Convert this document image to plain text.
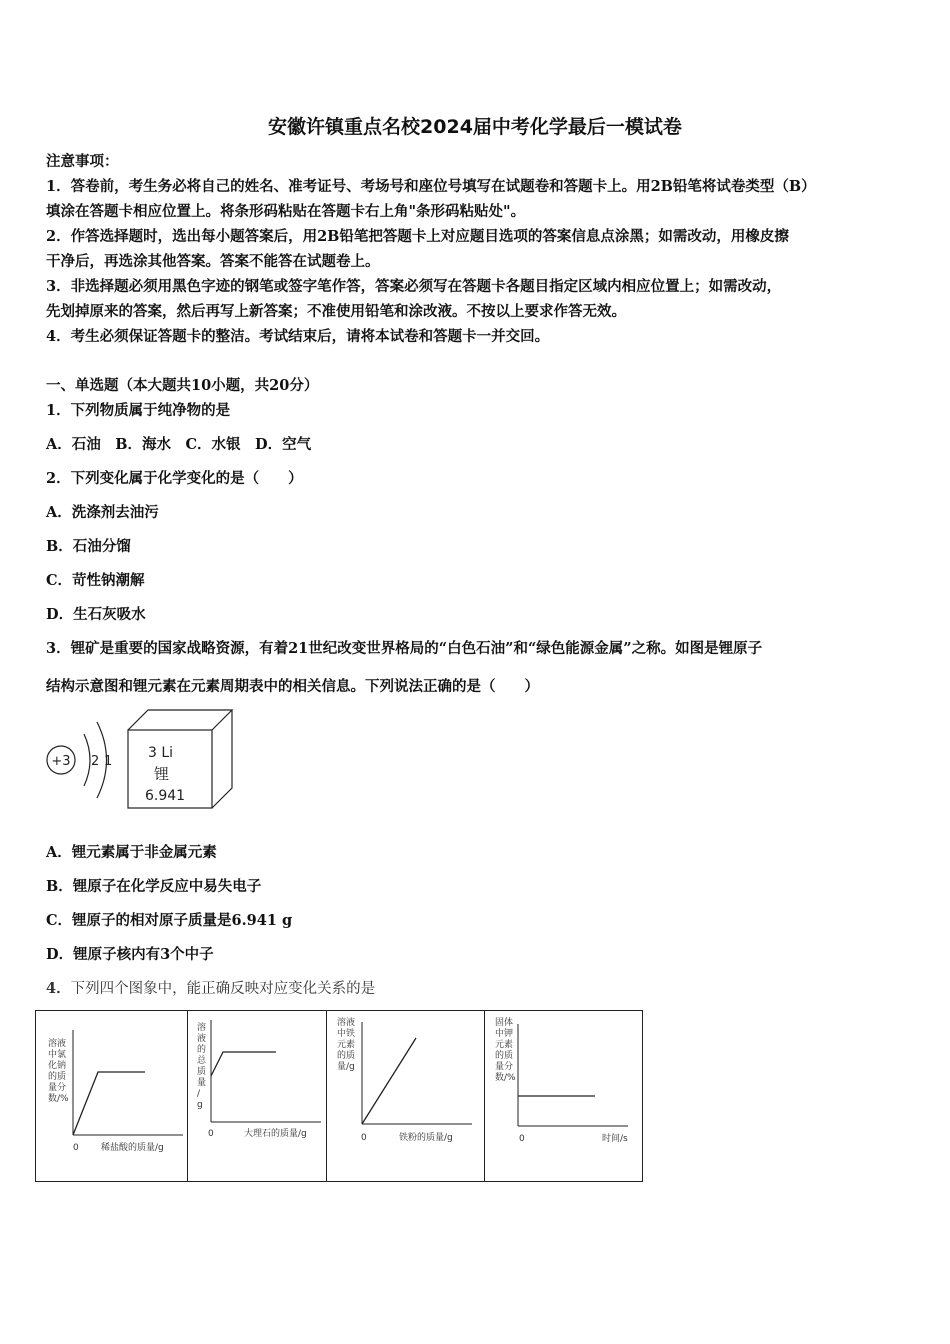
安徽许镇重点名校2024届中考化学最后一模试卷
注意事项：
1．答卷前，考生务必将自己的姓名、准考证号、考场号和座位号填写在试题卷和答题卡上。用2B铅笔将试卷类型（B）
填涂在答题卡相应位置上。将条形码粘贴在答题卡右上角"条形码粘贴处"。
2．作答选择题时，选出每小题答案后，用2B铅笔把答题卡上对应题目选项的答案信息点涂黑；如需改动，用橡皮擦
干净后，再选涂其他答案。答案不能答在试题卷上。
3．非选择题必须用黑色字迹的钢笔或签字笔作答，答案必须写在答题卡各题目指定区域内相应位置上；如需改动，
先划掉原来的答案，然后再写上新答案；不准使用铅笔和涂改液。不按以上要求作答无效。
4．考生必须保证答题卡的整洁。考试结束后，请将本试卷和答题卡一并交回。
一、单选题（本大题共10小题，共20分）
1．下列物质属于纯净物的是
A．石油　B．海水　C．水银　D．空气
2．下列变化属于化学变化的是（　　）
A．洗涤剂去油污
B．石油分馏
C．苛性钠潮解
D．生石灰吸水
3．锂矿是重要的国家战略资源，有着21世纪改变世界格局的“白色石油”和“绿色能源金属”之称。如图是锂原子
结构示意图和锂元素在元素周期表中的相关信息。下列说法正确的是（　　）
+3 2 1
3 Li
锂
6.941
A．锂元素属于非金属元素
B．锂原子在化学反应中易失电子
C．锂原子的相对原子质量是6.941 g
D．锂原子核内有3个中子
4．下列四个图象中，能正确反映对应变化关系的是
溶液 中氯 化钠 的质 量分 数/%
0 稀盐酸的质量/g
溶 液 的 总 质 量 / g
0	大理石的质量/g
溶液 中铁 元素 的质 量/g
0	铁粉的质量/g
固体 中钾 元素 的质 量分 数/%
0	时间/s
